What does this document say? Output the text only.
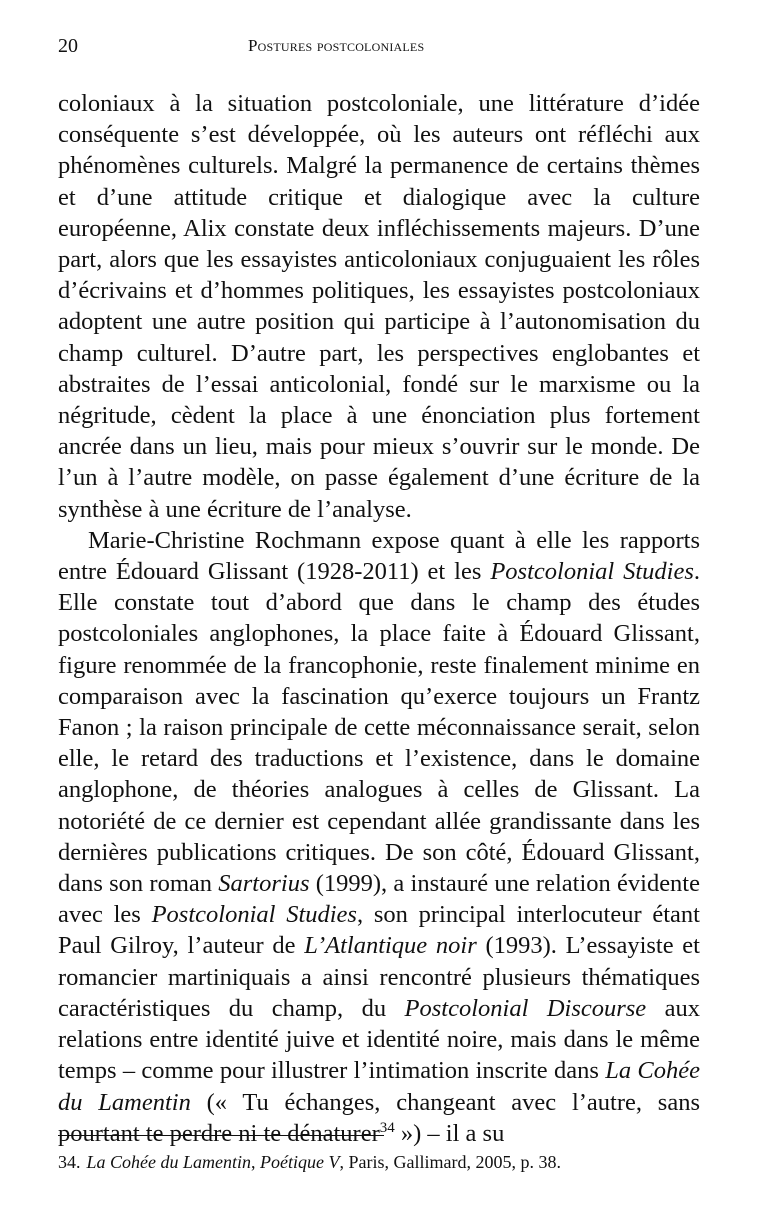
20	Postures postcoloniales

coloniaux à la situation postcoloniale, une littérature d’idée conséquente s’est développée, où les auteurs ont réfléchi aux phénomènes culturels. Malgré la permanence de certains thèmes et d’une attitude critique et dialogique avec la culture européenne, Alix constate deux infléchissements majeurs. D’une part, alors que les essayistes anticoloniaux conjuguaient les rôles d’écrivains et d’hommes politiques, les essayistes postcoloniaux adoptent une autre position qui participe à l’autonomisation du champ culturel. D’autre part, les perspectives englobantes et abstraites de l’essai anticolonial, fondé sur le marxisme ou la négritude, cèdent la place à une énonciation plus fortement ancrée dans un lieu, mais pour mieux s’ouvrir sur le monde. De l’un à l’autre modèle, on passe également d’une écriture de la synthèse à une écriture de l’analyse.

Marie-Christine Rochmann expose quant à elle les rapports entre Édouard Glissant (1928-2011) et les Postcolonial Studies. Elle constate tout d’abord que dans le champ des études postcoloniales anglophones, la place faite à Édouard Glissant, figure renommée de la francophonie, reste finalement minime en comparaison avec la fascination qu’exerce toujours un Frantz Fanon ; la raison principale de cette méconnaissance serait, selon elle, le retard des traductions et l’existence, dans le domaine anglophone, de théories analogues à celles de Glissant. La notoriété de ce dernier est cependant allée grandissante dans les dernières publications critiques. De son côté, Édouard Glissant, dans son roman Sartorius (1999), a instauré une relation évidente avec les Postcolonial Studies, son principal interlocuteur étant Paul Gilroy, l’auteur de L’Atlantique noir (1993). L’essayiste et romancier martiniquais a ainsi rencontré plusieurs thématiques caractéristiques du champ, du Postcolonial Discourse aux relations entre identité juive et identité noire, mais dans le même temps – comme pour illustrer l’intimation inscrite dans La Cohée du Lamentin (« Tu échanges, changeant avec l’autre, sans pourtant te perdre ni te dénaturer$^{34}$ ») – il a su

34. La Cohée du Lamentin, Poétique V, Paris, Gallimard, 2005, p. 38.
